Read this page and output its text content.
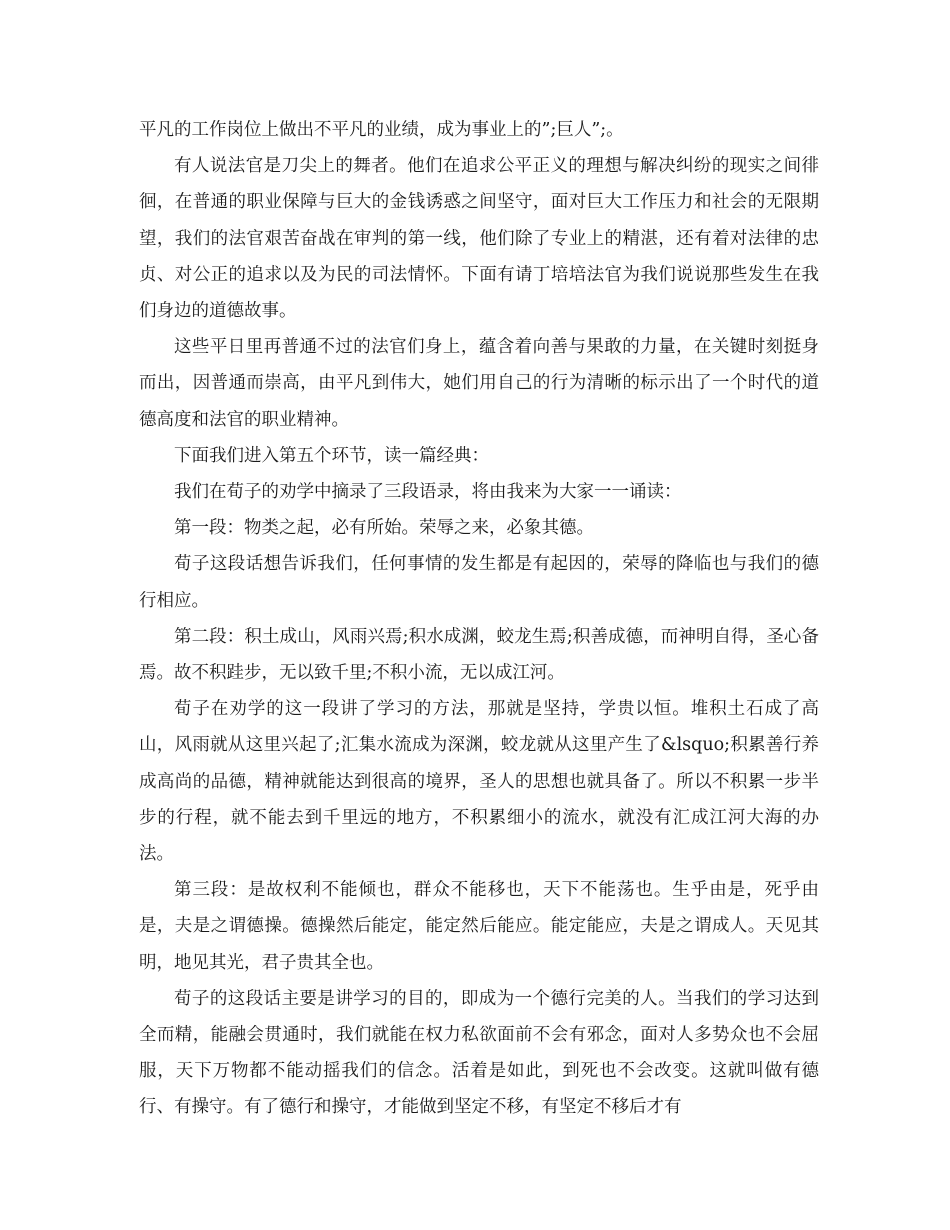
平凡的工作岗位上做出不平凡的业绩，成为事业上的”;巨人”;。

有人说法官是刀尖上的舞者。他们在追求公平正义的理想与解决纠纷的现实之间徘徊，在普通的职业保障与巨大的金钱诱惑之间坚守，面对巨大工作压力和社会的无限期望，我们的法官艰苦奋战在审判的第一线，他们除了专业上的精湛，还有着对法律的忠贞、对公正的追求以及为民的司法情怀。下面有请丁培培法官为我们说说那些发生在我们身边的道德故事。

这些平日里再普通不过的法官们身上，蕴含着向善与果敢的力量，在关键时刻挺身而出，因普通而崇高，由平凡到伟大，她们用自己的行为清晰的标示出了一个时代的道德高度和法官的职业精神。

下面我们进入第五个环节，读一篇经典：

我们在荀子的劝学中摘录了三段语录，将由我来为大家一一诵读：

第一段：物类之起，必有所始。荣辱之来，必象其德。

荀子这段话想告诉我们，任何事情的发生都是有起因的，荣辱的降临也与我们的德行相应。

第二段：积土成山，风雨兴焉;积水成渊，蛟龙生焉;积善成德，而神明自得，圣心备焉。故不积跬步，无以致千里;不积小流，无以成江河。

荀子在劝学的这一段讲了学习的方法，那就是坚持，学贵以恒。堆积土石成了高山，风雨就从这里兴起了;汇集水流成为深渊，蛟龙就从这里产生了&lsquo;积累善行养成高尚的品德，精神就能达到很高的境界，圣人的思想也就具备了。所以不积累一步半步的行程，就不能去到千里远的地方，不积累细小的流水，就没有汇成江河大海的办法。

第三段：是故权利不能倾也，群众不能移也，天下不能荡也。生乎由是，死乎由是，夫是之谓德操。德操然后能定，能定然后能应。能定能应，夫是之谓成人。天见其明，地见其光，君子贵其全也。

荀子的这段话主要是讲学习的目的，即成为一个德行完美的人。当我们的学习达到全而精，能融会贯通时，我们就能在权力私欲面前不会有邪念，面对人多势众也不会屈服，天下万物都不能动摇我们的信念。活着是如此，到死也不会改变。这就叫做有德行、有操守。有了德行和操守，才能做到坚定不移，有坚定不移后才有
